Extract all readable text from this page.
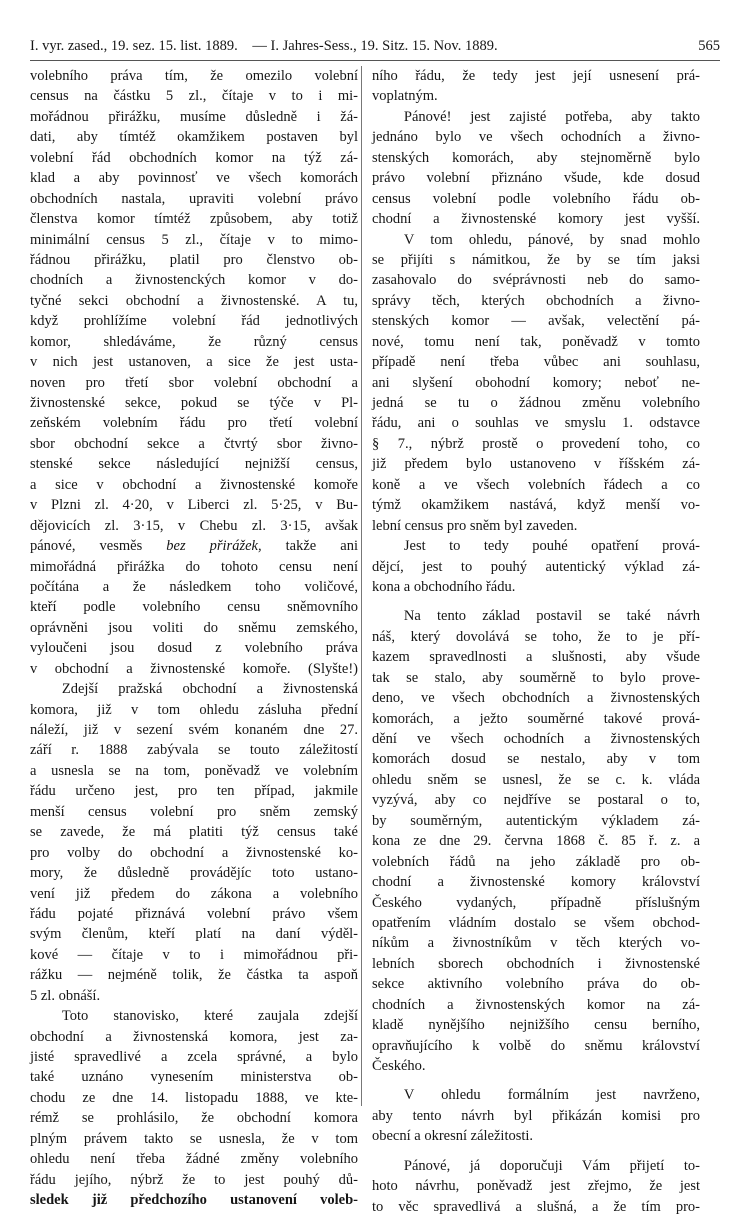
I. vyr. zased., 19. sez. 15. list. 1889.	— I. Jahres-Sess., 19. Sitz. 15. Nov. 1889.	565
volebního práva tím, že omezilo volební
census na částku 5 zl., čítaje v to i mi-
mořádnou přirážku, musíme důsledně i žá-
dati, aby tímtéž okamžikem postaven byl
volební řád obchodních komor na týž zá-
klad a aby povinnosť ve všech komorách
obchodních nastala, upraviti volební právo
členstva komor tímtéž způsobem, aby totiž
minimální census 5 zl., čítaje v to mimo-
řádnou přirážku, platil pro členstvo ob-
chodních a živnostenckých komor v do-
tyčné sekci obchodní a živnostenské. A tu,
když prohlížíme volební řád jednotlivých
komor, shledáváme, že různý census
v nich jest ustanoven, a sice že jest usta-
noven pro třetí sbor volební obchodní a
živnostenské sekce, pokud se týče v Pl-
zeňském volebním řádu pro třetí volební
sbor obchodní sekce a čtvrtý sbor živno-
stenské sekce následující nejnižší census,
a sice v obchodní a živnostenské komoře
v Plzni zl. 4·20, v Liberci zl. 5·25, v Bu-
dějovicích zl. 3·15, v Chebu zl. 3·15, avšak
pánové, vesměs bez přirážek, takže ani
mimořádná přirážka do tohoto censu není
počítána a že následkem toho voličové,
kteří podle volebního censu sněmovního
oprávněni jsou voliti do sněmu zemského,
vyloučeni jsou dosud z volebního práva
v obchodní a živnostenské komoře. (Slyšte!)
Zdejší pražská obchodní a živnostenská
komora, již v tom ohledu zásluha přední
náleží, již v sezení svém konaném dne 27.
září r. 1888 zabývala se touto záležitostí
a usnesla se na tom, poněvadž ve volebním
řádu určeno jest, pro ten případ, jakmile
menší census volební pro sněm zemský
se zavede, že má platiti týž census také
pro volby do obchodní a živnostenské ko-
mory, že důsledně provádějíc toto ustano-
vení již předem do zákona a volebního
řádu pojaté přiznává volební právo všem
svým členům, kteří platí na daní výděl-
kové — čítaje v to i mimořádnou při-
rážku — nejméně tolik, že částka ta aspoň
5 zl. obnáší.
Toto stanovisko, které zaujala zdejší
obchodní a živnostenská komora, jest za-
jisté spravedlivé a zcela správné, a bylo
také uznáno vynesením ministerstva ob-
chodu ze dne 14. listopadu 1888, ve kte-
rémž se prohlásilo, že obchodní komora
plným právem takto se usnesla, že v tom
ohledu není třeba žádné změny volebního
řádu jejího, nýbrž že to jest pouhý dů-
sledek již předchozího ustanovení voleb-
ního řádu, že tedy jest její usnesení prá-
voplatným.
Pánové! jest zajisté potřeba, aby takto
jednáno bylo ve všech ochodních a živno-
stenských komorách, aby stejnoměrně bylo
právo volební přiznáno všude, kde dosud
census volební podle volebního řádu ob-
chodní a živnostenské komory jest vyšší.
V tom ohledu, pánové, by snad mohlo
se přijíti s námitkou, že by se tím jaksi
zasahovalo do svéprávnosti neb do samo-
správy těch, kterých obchodních a živno-
stenských komor — avšak, velectění pá-
nové, tomu není tak, poněvadž v tomto
případě není třeba vůbec ani souhlasu,
ani slyšení obohodní komory; neboť ne-
jedná se tu o žádnou změnu volebního
řádu, ani o souhlas ve smyslu 1. odstavce
§ 7., nýbrž prostě o provedení toho, co
již předem bylo ustanoveno v říšském zá-
koně a ve všech volebních řádech a co
týmž okamžikem nastává, když menší vo-
lební census pro sněm byl zaveden.
Jest to tedy pouhé opatření prová-
dějcí, jest to pouhý autentický výklad zá-
kona a obchodního řádu.
Na tento základ postavil se také návrh
náš, který dovolává se toho, že to je pří-
kazem spravedlnosti a slušnosti, aby všude
tak se stalo, aby souměrně to bylo prove-
deno, ve všech obchodních a živnostenských
komorách, a ježto souměrné takové prová-
dění ve všech ochodních a živnostenských
komorách dosud se nestalo, aby v tom
ohledu sněm se usnesl, že se c. k. vláda
vyzývá, aby co nejdříve se postaral o to,
by souměrným, autentickým výkladem zá-
kona ze dne 29. června 1868 č. 85 ř. z. a
volebních řádů na jeho základě pro ob-
chodní a živnostenské komory království
Českého vydaných, případně příslušným
opatřením vládním dostalo se všem obchod-
níkům a živnostníkům v těch kterých vo-
lebních sborech obchodních i živnostenské
sekce aktivního volebního práva do ob-
chodních a živnostenských komor na zá-
kladě nynějšího nejnižšího censu berního,
opravňujícího k volbě do sněmu království
Českého.
V ohledu formálním jest navrženo,
aby tento návrh byl přikázán komisi pro
obecní a okresní záležitosti.
Pánové, já doporučuji Vám přijetí to-
hoto návrhu, poněvadž jest zřejmo, že jest
to věc spravedlivá a slušná, a že tím pro-
